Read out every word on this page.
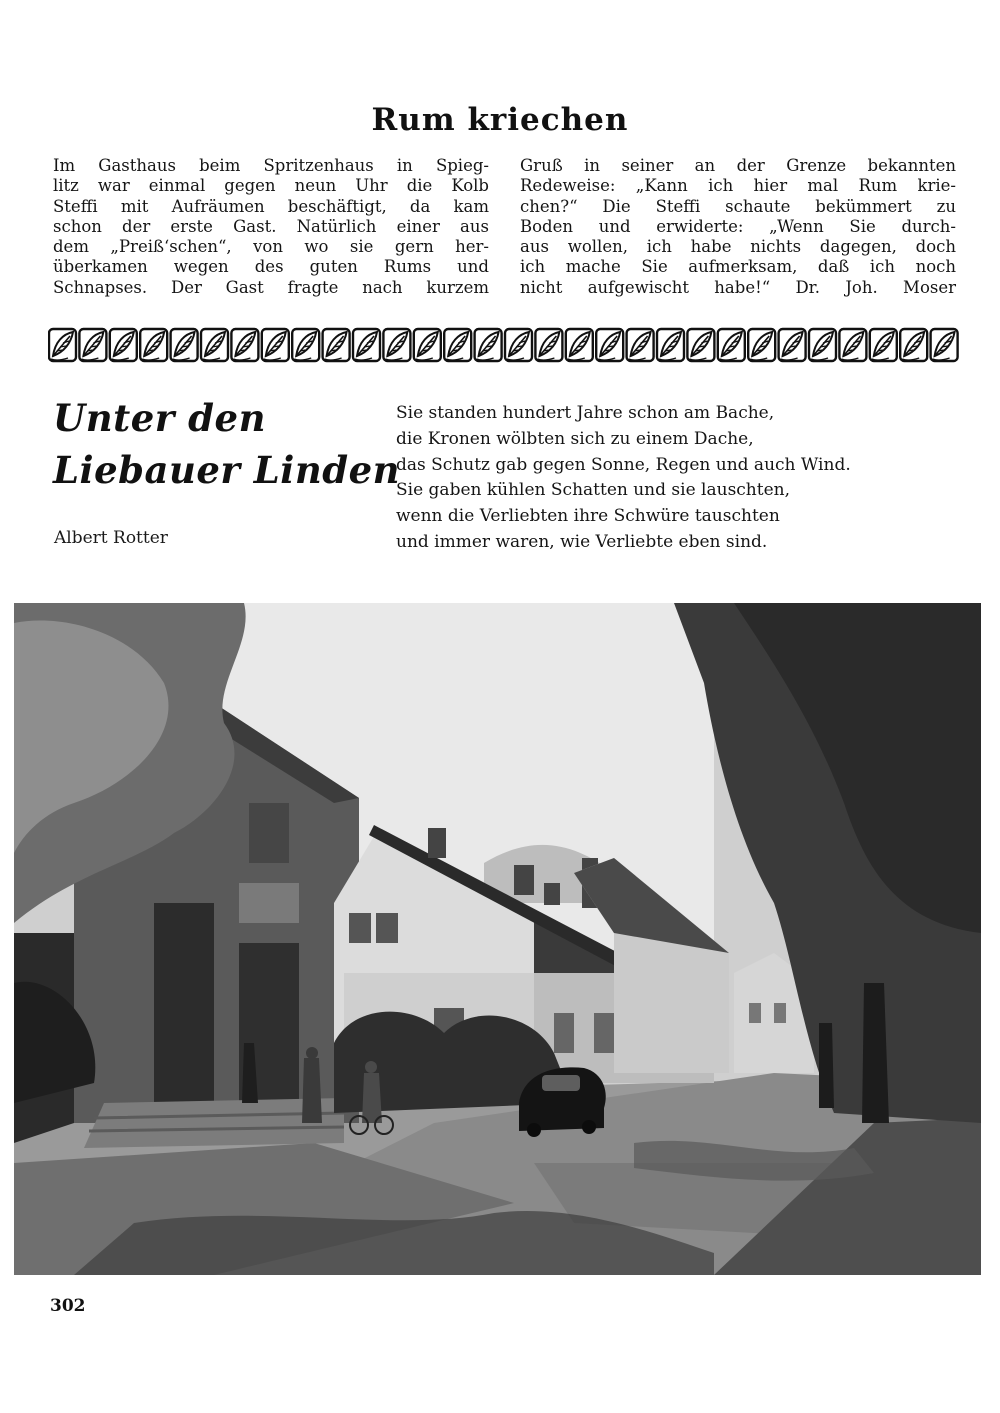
Rum kriechen
Im Gasthaus beim Spritzenhaus in Spieg-
litz war einmal gegen neun Uhr die Kolb
Steffi mit Aufräumen beschäftigt, da kam
schon der erste Gast. Natürlich einer aus
dem „Preiß‘schen“, von wo sie gern her-
überkamen wegen des guten Rums und
Schnapses. Der Gast fragte nach kurzem
Gruß in seiner an der Grenze bekannten
Redeweise: „Kann ich hier mal Rum krie-
chen?“ Die Steffi schaute bekümmert zu
Boden und erwiderte: „Wenn Sie durch-
aus wollen, ich habe nichts dagegen, doch
ich mache Sie aufmerksam, daß ich noch
nicht aufgewischt habe!“ Dr. Joh. Moser
Unter den
Liebauer Linden
Albert Rotter
Sie standen hundert Jahre schon am Bache,
die Kronen wölbten sich zu einem Dache,
das Schutz gab gegen Sonne, Regen und auch Wind.
Sie gaben kühlen Schatten und sie lauschten,
wenn die Verliebten ihre Schwüre tauschten
und immer waren, wie Verliebte eben sind.
302
